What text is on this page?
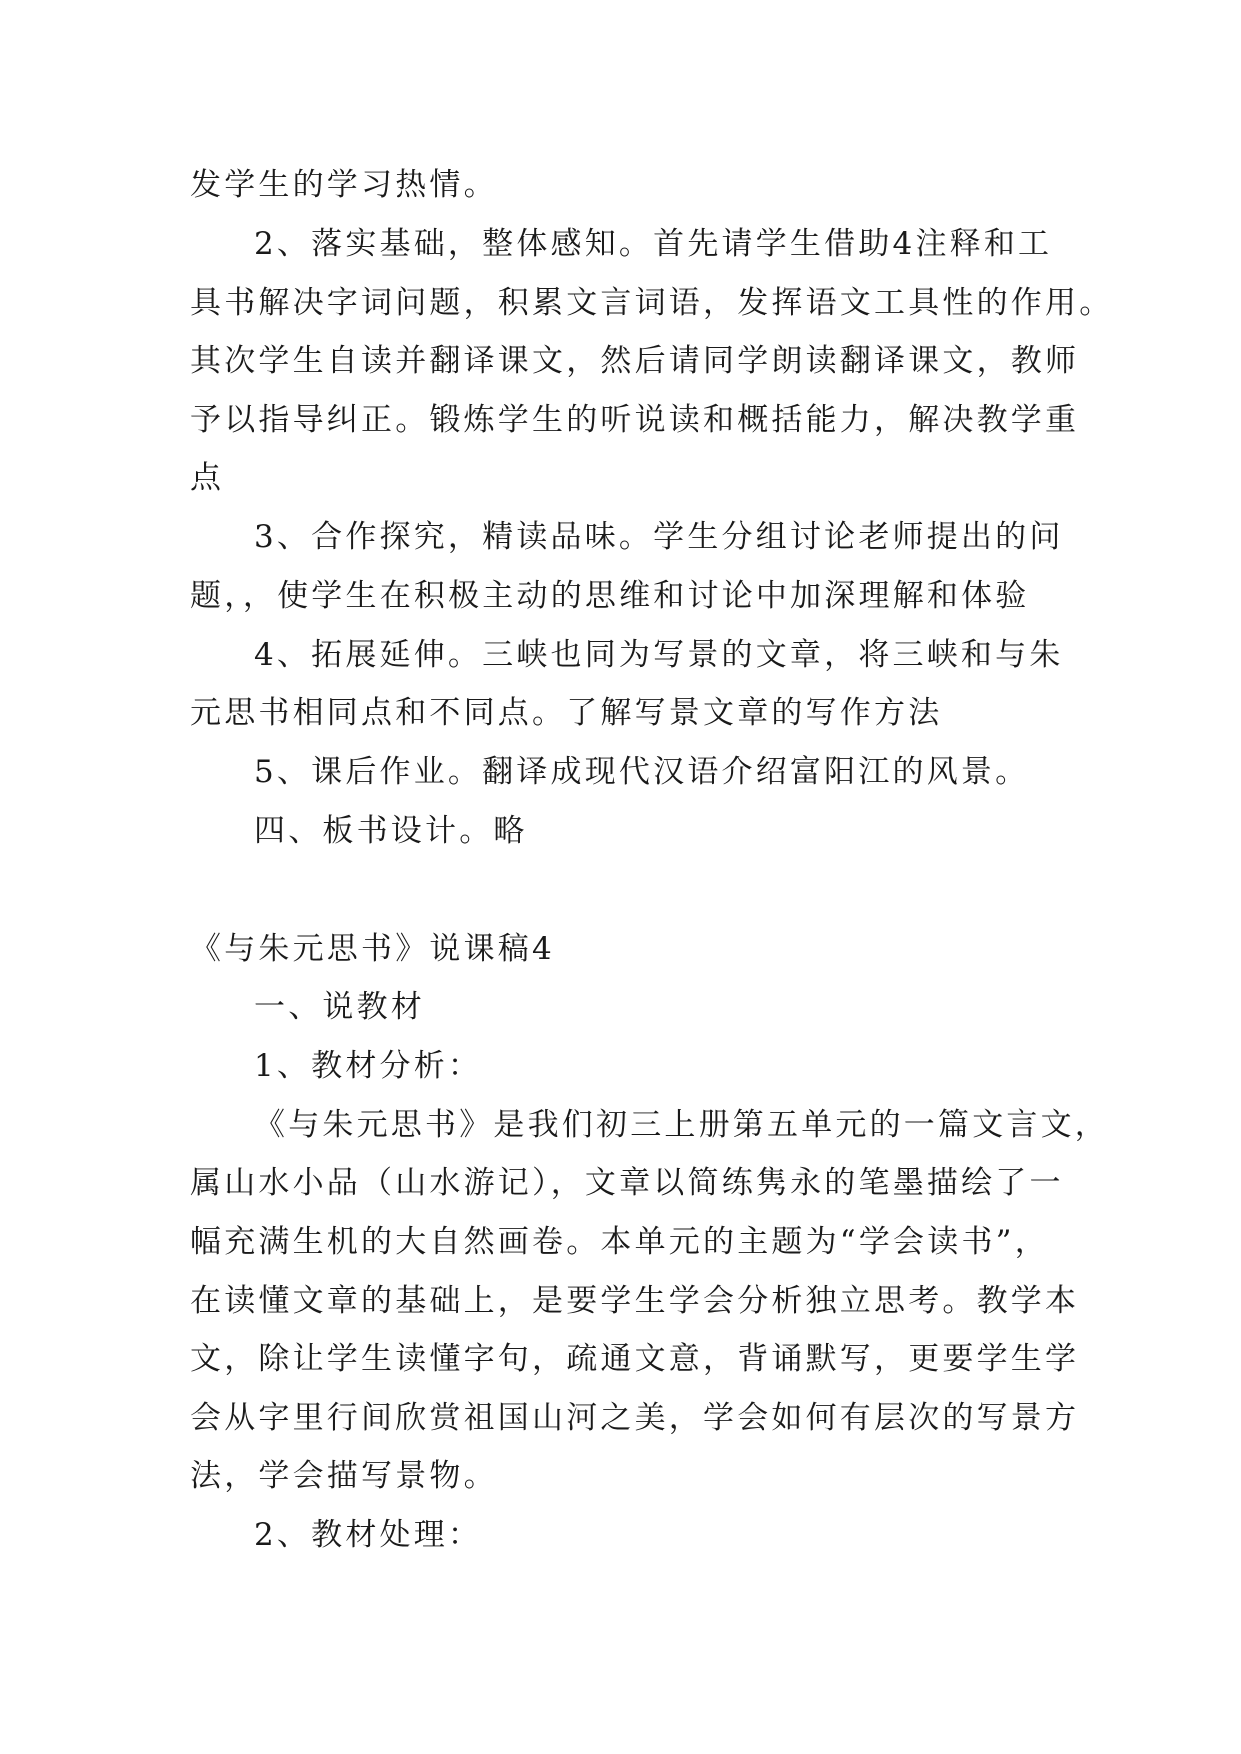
发学生的学习热情。
2、落实基础，整体感知。首先请学生借助4注释和工
具书解决字词问题，积累文言词语，发挥语文工具性的作用。
其次学生自读并翻译课文，然后请同学朗读翻译课文，教师
予以指导纠正。锻炼学生的听说读和概括能力，解决教学重
点
3、合作探究，精读品味。学生分组讨论老师提出的问
题，，使学生在积极主动的思维和讨论中加深理解和体验
4、拓展延伸。三峡也同为写景的文章，将三峡和与朱
元思书相同点和不同点。了解写景文章的写作方法
5、课后作业。翻译成现代汉语介绍富阳江的风景。
四、板书设计。略
《与朱元思书》说课稿4
一、说教材
1、教材分析：
《与朱元思书》是我们初三上册第五单元的一篇文言文，
属山水小品（山水游记），文章以简练隽永的笔墨描绘了一
幅充满生机的大自然画卷。本单元的主题为“学会读书”，
在读懂文章的基础上，是要学生学会分析独立思考。教学本
文，除让学生读懂字句，疏通文意，背诵默写，更要学生学
会从字里行间欣赏祖国山河之美，学会如何有层次的写景方
法，学会描写景物。
2、教材处理：
